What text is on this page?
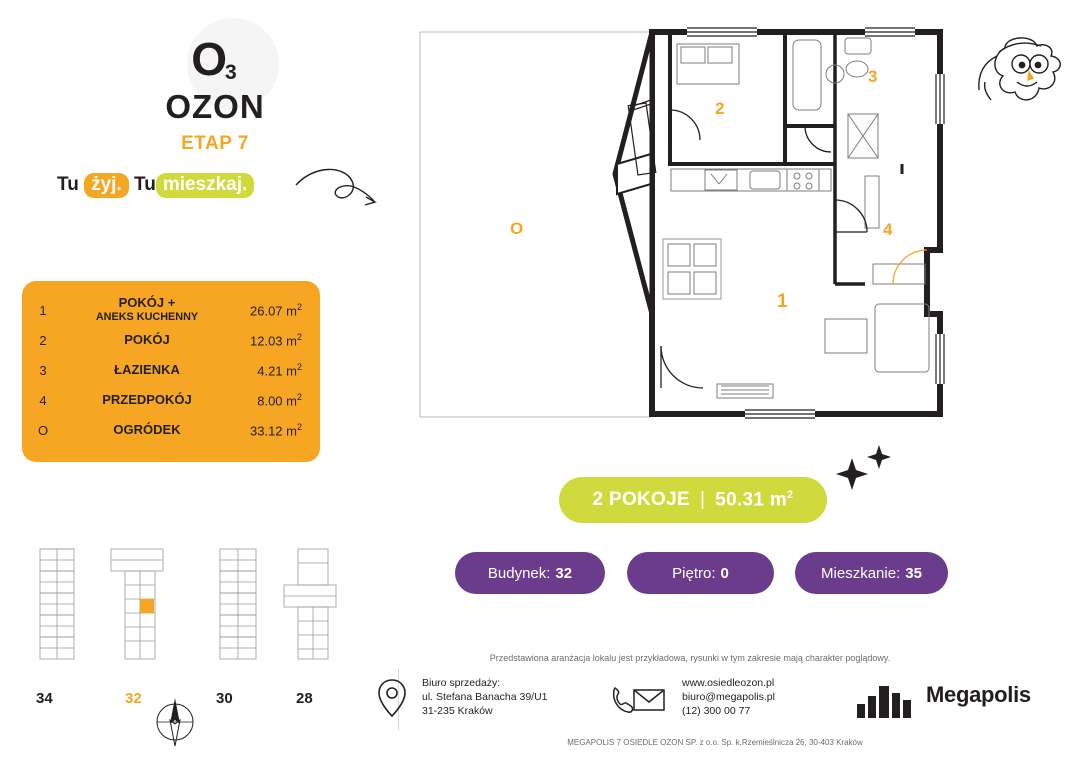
$O_3$
OZON
ETAP 7
Tu żyj. Tu mieszkaj.
1	POKÓJ +
ANEKS KUCHENNY	26.07 $m^2$
2	POKÓJ	12.03 $m^2$
3	ŁAZIENKA	4.21 $m^2$
4	PRZEDPOKÓJ	8.00 $m^2$
O	OGRÓDEK	33.12 $m^2$
O
2
3
4
1
2 POKOJE | 50.31 $m^2$
Budynek: 32	Piętro: 0	Mieszkanie: 35
34	32	30	28
Przedstawiona aranżacja lokalu jest przykładowa, rysunki w tym zakresie mają charakter poglądowy.
Biuro sprzedaży:
ul. Stefana Banacha 39/U1
31-235 Kraków
www.osiedleozon.pl
biuro@megapolis.pl
(12) 300 00 77
Megapolis
MEGAPOLIS 7 OSIEDLE OZON SP. z o.o. Sp. k,Rzemieślnicza 26, 30-403 Kraków
